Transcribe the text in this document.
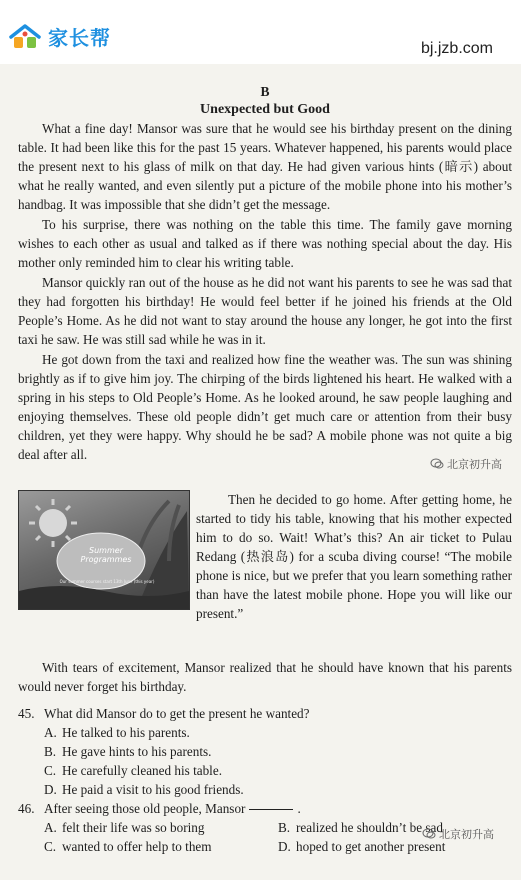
家长帮	bj.jzb.com
B
Unexpected but Good

What a fine day! Mansor was sure that he would see his birthday present on the dining table. It had been like this for the past 15 years. Whatever happened, his parents would place the present next to his glass of milk on that day. He had given various hints (暗示) about what he really wanted, and even silently put a picture of the mobile phone into his mother’s handbag. It was impossible that she didn’t get the message.

To his surprise, there was nothing on the table this time. The family gave morning wishes to each other as usual and talked as if there was nothing special about the day. His mother only reminded him to clear his writing table.

Mansor quickly ran out of the house as he did not want his parents to see he was sad that they had forgotten his birthday! He would feel better if he joined his friends at the Old People’s Home. As he did not want to stay around the house any longer, he got into the first taxi he saw. He was still sad while he was in it.

He got down from the taxi and realized how fine the weather was. The sun was shining brightly as if to give him joy. The chirping of the birds lightened his heart. He walked with a spring in his steps to Old People’s Home. As he looked around, he saw people laughing and enjoying themselves. These old people didn’t get much care or attention from their busy children, yet they were happy. Why should he be sad? A mobile phone was not quite a big deal after all.

Summer Programmes
Our summer courses start 13th June (this year)

Then he decided to go home. After getting home, he started to tidy his table, knowing that his mother expected him to do so. Wait! What’s this? An air ticket to Pulau Redang (热浪岛) for a scuba diving course! “The mobile phone is nice, but we prefer that you learn something rather than have the latest mobile phone. Hope you will like our present.”

With tears of excitement, Mansor realized that he should have known that his parents would never forget his birthday.

45. What did Mansor do to get the present he wanted?
A. He talked to his parents.
B. He gave hints to his parents.
C. He carefully cleaned his table.
D. He paid a visit to his good friends.
46. After seeing those old people, Mansor	.
A. felt their life was so boring	B. realized he shouldn’t be sad
C. wanted to offer help to them	D. hoped to get another present
北京初升高
北京初升高
